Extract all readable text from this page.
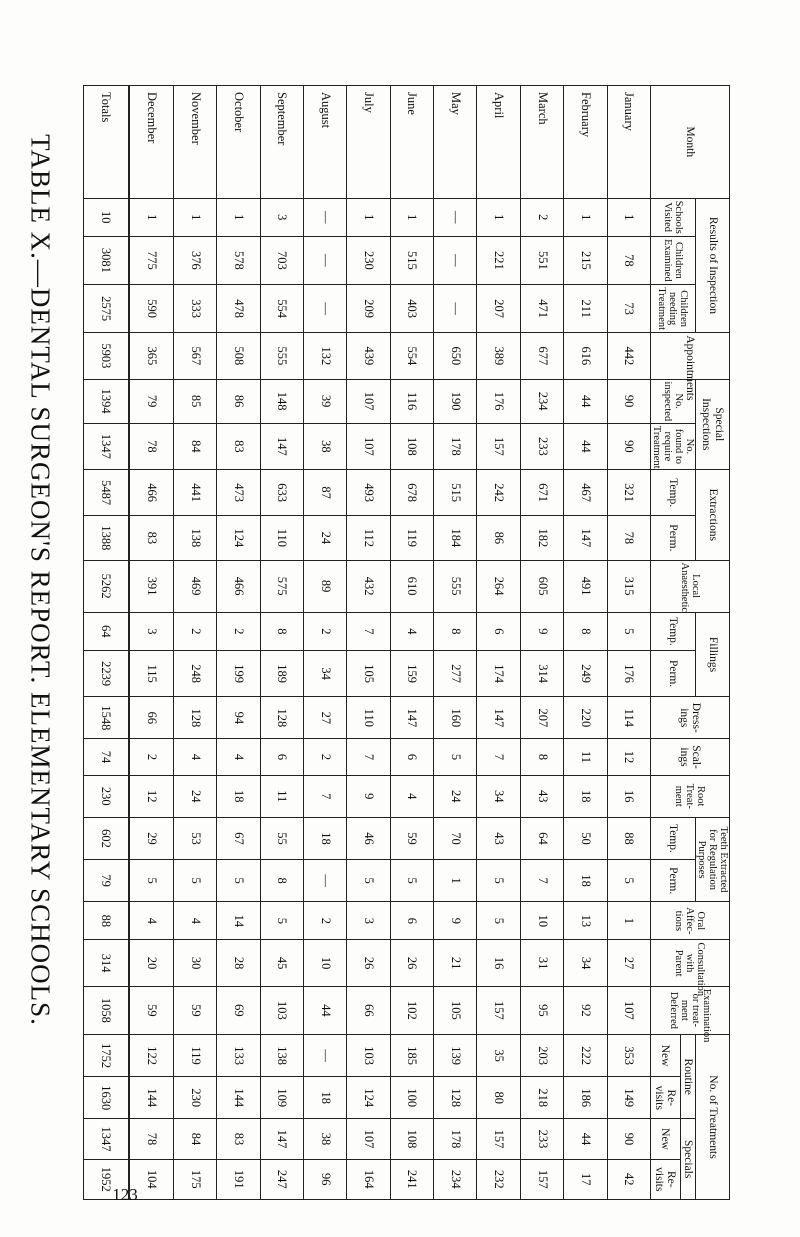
TABLE X.—DENTAL SURGEON'S REPORT. ELEMENTARY SCHOOLS.	Month	Results of Inspection			Appointments	Special Inspections		Extractions		Local Anaesthetic	Fillings		Dress-ings	Scal-ings	Root Treat-ment	Teeth Extracted for Regulation Purposes		Oral Affec-tions	Consultation with Parent	Examination or treat-ment Deferred	No. of Treatments			
	Schools Visited	Children Examined	Children needing Treatment		No. inspected	No. found to require Treatment	Temp.	Perm.		Temp.	Perm.				Temp.	Perm.				Routine		Specials	
																				New	Re-visits	New	Re-visits
January	1	78	73	442	90	90	321	78	315	5	176	114	12	16	88	5	1	27	107	353	149	90	42
February	1	215	211	616	44	44	467	147	491	8	249	220	11	18	50	18	13	34	92	222	186	44	17
March	2	551	471	677	234	233	671	182	605	9	314	207	8	43	64	7	10	31	95	203	218	233	157
April	1	221	207	389	176	157	242	86	264	6	174	147	7	34	43	5	5	16	157	35	80	157	232
May	—	—	—	650	190	178	515	184	555	8	277	160	5	24	70	1	9	21	105	139	128	178	234
June	1	515	403	554	116	108	678	119	610	4	159	147	6	4	59	5	6	26	102	185	100	108	241
July	1	230	209	439	107	107	493	112	432	7	105	110	7	9	46	5	3	26	66	103	124	107	164
August	—	—	—	132	39	38	87	24	89	2	34	27	2	7	18	—	2	10	44	—	18	38	96
September	3	703	554	555	148	147	633	110	575	8	189	128	6	11	55	8	5	45	103	138	109	147	247
October	1	578	478	508	86	83	473	124	466	2	199	94	4	18	67	5	14	28	69	133	144	83	191
November	1	376	333	567	85	84	441	138	469	2	248	128	4	24	53	5	4	30	59	119	230	84	175
December	1	775	590	365	79	78	466	83	391	3	115	66	2	12	29	5	4	20	59	122	144	78	104
Totals	10	3081	2575	5903	1394	1347	5487	1388	5262	64	2239	1548	74	230	602	79	88	314	1058	1752	1630	1347	1952
123
